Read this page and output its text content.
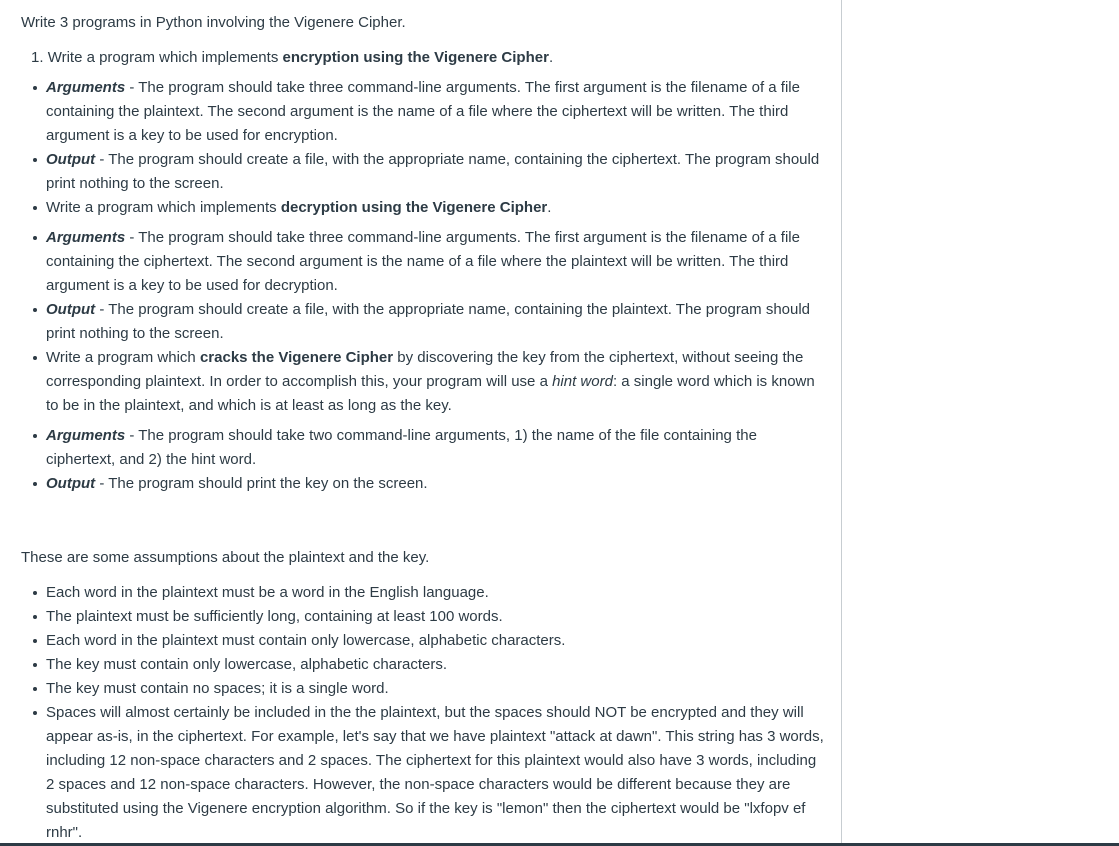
Write 3 programs in Python involving the Vigenere Cipher.

1. Write a program which implements encryption using the Vigenere Cipher.
Arguments - The program should take three command-line arguments. The first argument is the filename of a file containing the plaintext. The second argument is the name of a file where the ciphertext will be written. The third argument is a key to be used for encryption.
Output - The program should create a file, with the appropriate name, containing the ciphertext. The program should print nothing to the screen.
Write a program which implements decryption using the Vigenere Cipher.
Arguments - The program should take three command-line arguments. The first argument is the filename of a file containing the ciphertext. The second argument is the name of a file where the plaintext will be written. The third argument is a key to be used for decryption.
Output - The program should create a file, with the appropriate name, containing the plaintext. The program should print nothing to the screen.
Write a program which cracks the Vigenere Cipher by discovering the key from the ciphertext, without seeing the corresponding plaintext. In order to accomplish this, your program will use a hint word: a single word which is known to be in the plaintext, and which is at least as long as the key.
Arguments - The program should take two command-line arguments, 1) the name of the file containing the ciphertext, and 2) the hint word.
Output - The program should print the key on the screen.

These are some assumptions about the plaintext and the key.

Each word in the plaintext must be a word in the English language.
The plaintext must be sufficiently long, containing at least 100 words.
Each word in the plaintext must contain only lowercase, alphabetic characters.
The key must contain only lowercase, alphabetic characters.
The key must contain no spaces; it is a single word.
Spaces will almost certainly be included in the the plaintext, but the spaces should NOT be encrypted and they will appear as-is, in the ciphertext. For example, let's say that we have plaintext "attack at dawn". This string has 3 words, including 12 non-space characters and 2 spaces. The ciphertext for this plaintext would also have 3 words, including 2 spaces and 12 non-space characters. However, the non-space characters would be different because they are substituted using the Vigenere encryption algorithm. So if the key is "lemon" then the ciphertext would be "lxfopv ef rnhr".
